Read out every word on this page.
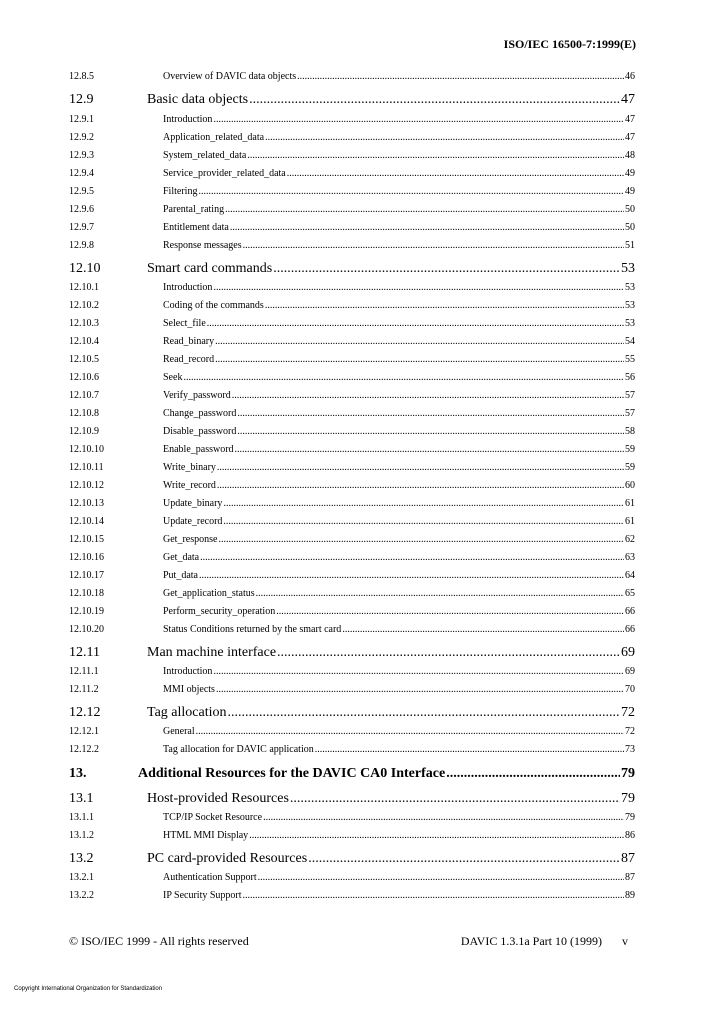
ISO/IEC 16500-7:1999(E)
12.8.5	Overview of DAVIC data objects .....	46
12.9	Basic data objects .....	47
12.9.1	Introduction .....	47
12.9.2	Application_related_data .....	47
12.9.3	System_related_data .....	48
12.9.4	Service_provider_related_data .....	49
12.9.5	Filtering .....	49
12.9.6	Parental_rating .....	50
12.9.7	Entitlement data .....	50
12.9.8	Response messages .....	51
12.10	Smart card commands .....	53
12.10.1	Introduction .....	53
12.10.2	Coding of the commands .....	53
12.10.3	Select_file .....	53
12.10.4	Read_binary .....	54
12.10.5	Read_record .....	55
12.10.6	Seek .....	56
12.10.7	Verify_password .....	57
12.10.8	Change_password .....	57
12.10.9	Disable_password .....	58
12.10.10	Enable_password .....	59
12.10.11	Write_binary .....	59
12.10.12	Write_record .....	60
12.10.13	Update_binary .....	61
12.10.14	Update_record .....	61
12.10.15	Get_response .....	62
12.10.16	Get_data .....	63
12.10.17	Put_data .....	64
12.10.18	Get_application_status .....	65
12.10.19	Perform_security_operation .....	66
12.10.20	Status Conditions returned by the smart card .....	66
12.11	Man machine interface .....	69
12.11.1	Introduction .....	69
12.11.2	MMI objects .....	70
12.12	Tag allocation .....	72
12.12.1	General .....	72
12.12.2	Tag allocation for DAVIC application .....	73
13.	Additional Resources for the DAVIC CA0 Interface .....	79
13.1	Host-provided Resources .....	79
13.1.1	TCP/IP Socket Resource .....	79
13.1.2	HTML MMI Display .....	86
13.2	PC card-provided Resources .....	87
13.2.1	Authentication Support .....	87
13.2.2	IP Security Support .....	89
© ISO/IEC 1999 - All rights reserved	DAVIC 1.3.1a Part 10 (1999) v
Copyright International Organization for Standardization
